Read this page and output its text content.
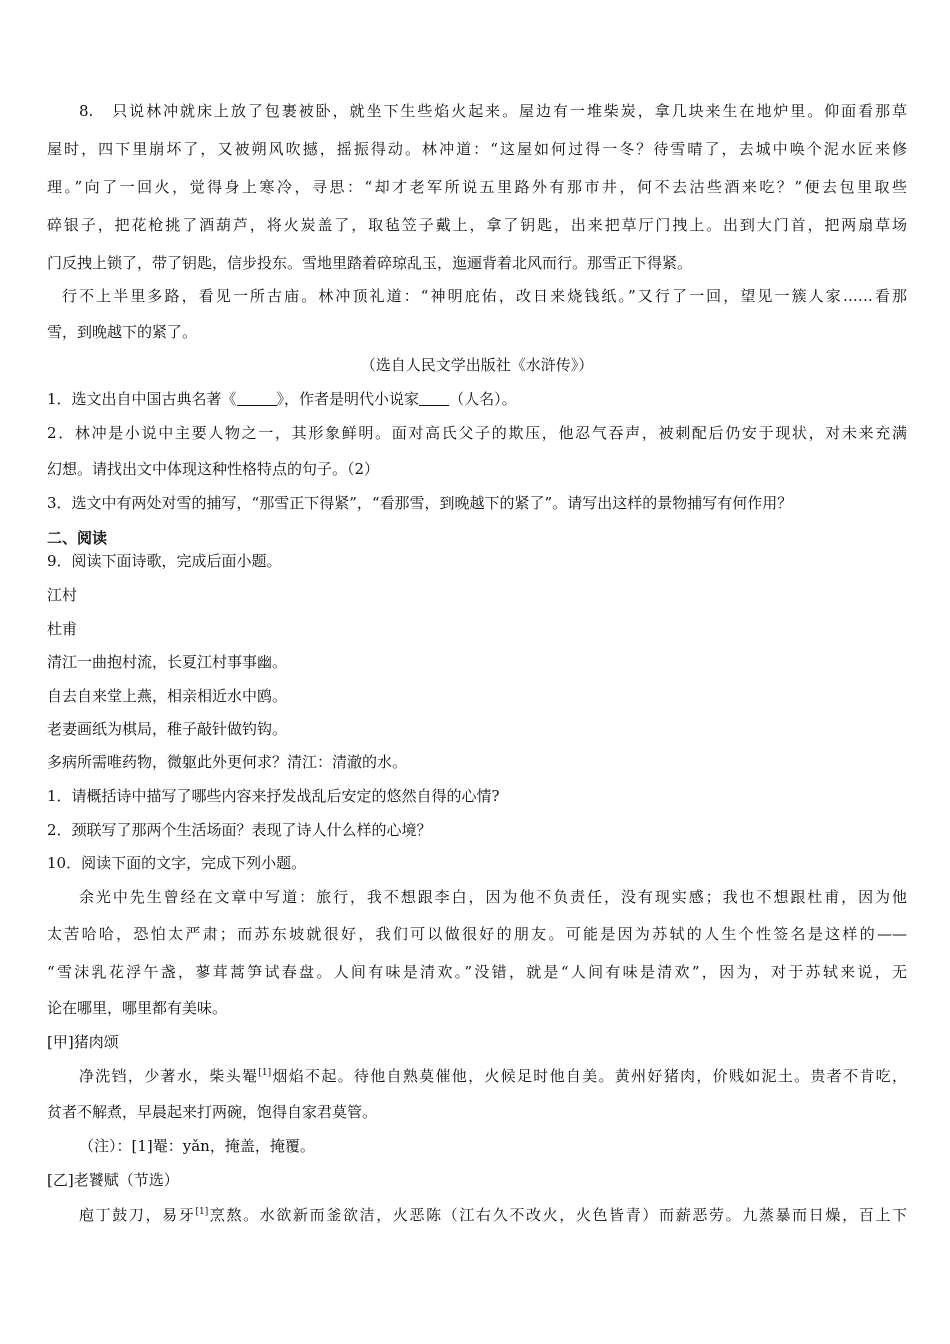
8.　只说林冲就床上放了包裹被卧，就坐下生些焰火起来。屋边有一堆柴炭，拿几块来生在地炉里。仰面看那草
屋时，四下里崩坏了，又被朔风吹撼，摇振得动。林冲道：“这屋如何过得一冬？待雪晴了，去城中唤个泥水匠来修
理。”向了一回火，觉得身上寒冷，寻思：“却才老军所说五里路外有那市井，何不去沽些酒来吃？”便去包里取些
碎银子，把花枪挑了酒葫芦，将火炭盖了，取毡笠子戴上，拿了钥匙，出来把草厅门拽上。出到大门首，把两扇草场
门反拽上锁了，带了钥匙，信步投东。雪地里踏着碎琼乱玉，迤逦背着北风而行。那雪正下得紧。
行不上半里多路，看见一所古庙。林冲顶礼道：“神明庇佑，改日来烧钱纸。”又行了一回，望见一簇人家……看那
雪，到晚越下的紧了。
（选自人民文学出版社《水浒传》）
1．选文出自中国古典名著《	》，作者是明代小说家 （人名）。
2．林冲是小说中主要人物之一，其形象鲜明。面对高氏父子的欺压，他忍气吞声，被刺配后仍安于现状，对未来充满
幻想。请找出文中体现这种性格特点的句子。（2）
3．选文中有两处对雪的捕写，“那雪正下得紧”，“看那雪，到晚越下的紧了”。请写出这样的景物捕写有何作用？
二、阅读
9．阅读下面诗歌，完成后面小题。
江村
杜甫
清江一曲抱村流，长夏江村事事幽。
自去自来堂上燕，相亲相近水中鸥。
老妻画纸为棋局，稚子敲针做钓钩。
多病所需唯药物，微躯此外更何求？清江：清澈的水。
1．请概括诗中描写了哪些内容来抒发战乱后安定的悠然自得的心情?
2．颈联写了那两个生活场面？表现了诗人什么样的心境？
10．阅读下面的文字，完成下列小题。
余光中先生曾经在文章中写道：旅行，我不想跟李白，因为他不负责任，没有现实感；我也不想跟杜甫，因为他
太苦哈哈，恐怕太严肃；而苏东坡就很好，我们可以做很好的朋友。可能是因为苏轼的人生个性签名是这样的——
“雪沫乳花浮午盏，蓼茸蒿笋试春盘。人间有味是清欢。”没错，就是“人间有味是清欢”，因为，对于苏轼来说，无
论在哪里，哪里都有美味。
[甲]猪肉颂
净洗铛，少著水，柴头罨[1]烟焰不起。待他自熟莫催他，火候足时他自美。黄州好猪肉，价贱如泥土。贵者不肯吃，
贫者不解煮，早晨起来打两碗，饱得自家君莫管。
（注）：[1]罨：yǎn，掩盖，掩覆。
[乙]老饕赋（节选）
庖丁鼓刀，易牙[1]烹熬。水欲新而釜欲洁，火恶陈（江右久不改火，火色皆青）而薪恶劳。九蒸暴而日燥，百上下
